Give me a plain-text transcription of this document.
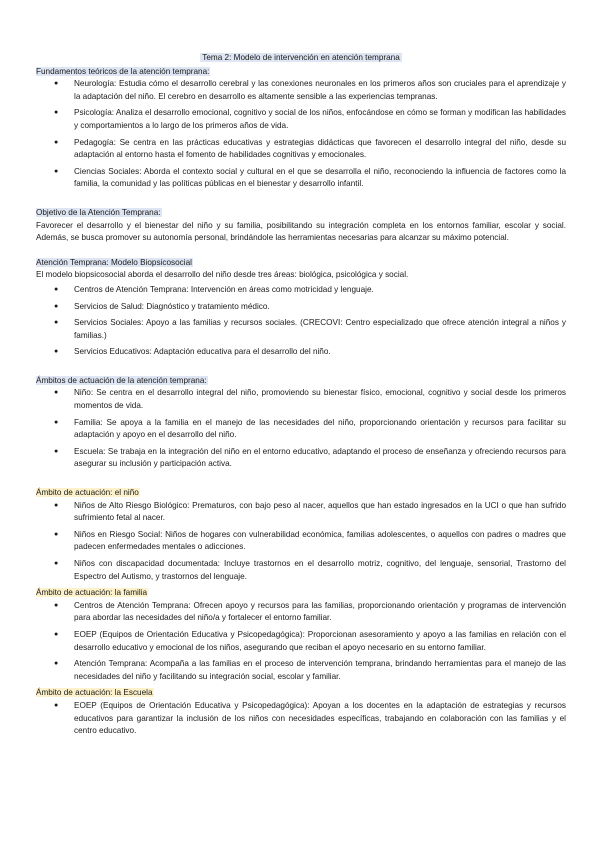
Tema 2: Modelo de intervención en atención temprana
Fundamentos teóricos de la atención temprana:
● Neurología: Estudia cómo el desarrollo cerebral y las conexiones neuronales en los primeros años son cruciales para el aprendizaje y la adaptación del niño. El cerebro en desarrollo es altamente sensible a las experiencias tempranas.
● Psicología: Analiza el desarrollo emocional, cognitivo y social de los niños, enfocándose en cómo se forman y modifican las habilidades y comportamientos a lo largo de los primeros años de vida.
● Pedagogía: Se centra en las prácticas educativas y estrategias didácticas que favorecen el desarrollo integral del niño, desde su adaptación al entorno hasta el fomento de habilidades cognitivas y emocionales.
● Ciencias Sociales: Aborda el contexto social y cultural en el que se desarrolla el niño, reconociendo la influencia de factores como la familia, la comunidad y las políticas públicas en el bienestar y desarrollo infantil.
Objetivo de la Atención Temprana:

Favorecer el desarrollo y el bienestar del niño y su familia, posibilitando su integración completa en los entornos familiar, escolar y social. Además, se busca promover su autonomía personal, brindándole las herramientas necesarias para alcanzar su máximo potencial.

Atención Temprana: Modelo Biopsicosocial

El modelo biopsicosocial aborda el desarrollo del niño desde tres áreas: biológica, psicológica y social.

● Centros de Atención Temprana: Intervención en áreas como motricidad y lenguaje.
● Servicios de Salud: Diagnóstico y tratamiento médico.
● Servicios Sociales: Apoyo a las familias y recursos sociales. (CRECOVI: Centro especializado que ofrece atención integral a niños y familias.)
● Servicios Educativos: Adaptación educativa para el desarrollo del niño.
Ámbitos de actuación de la atención temprana:
● Niño: Se centra en el desarrollo integral del niño, promoviendo su bienestar físico, emocional, cognitivo y social desde los primeros momentos de vida.
● Familia: Se apoya a la familia en el manejo de las necesidades del niño, proporcionando orientación y recursos para facilitar su adaptación y apoyo en el desarrollo del niño.
● Escuela: Se trabaja en la integración del niño en el entorno educativo, adaptando el proceso de enseñanza y ofreciendo recursos para asegurar su inclusión y participación activa.
Ámbito de actuación: el niño
● Niños de Alto Riesgo Biológico: Prematuros, con bajo peso al nacer, aquellos que han estado ingresados en la UCI o que han sufrido sufrimiento fetal al nacer.
● Niños en Riesgo Social: Niños de hogares con vulnerabilidad económica, familias adolescentes, o aquellos con padres o madres que padecen enfermedades mentales o adicciones.
● Niños con discapacidad documentada: Incluye trastornos en el desarrollo motriz, cognitivo, del lenguaje, sensorial, Trastorno del Espectro del Autismo, y trastornos del lenguaje.
Ámbito de actuación: la familia
● Centros de Atención Temprana: Ofrecen apoyo y recursos para las familias, proporcionando orientación y programas de intervención para abordar las necesidades del niño/a y fortalecer el entorno familiar.
● EOEP (Equipos de Orientación Educativa y Psicopedagógica): Proporcionan asesoramiento y apoyo a las familias en relación con el desarrollo educativo y emocional de los niños, asegurando que reciban el apoyo necesario en su entorno familiar.
● Atención Temprana: Acompaña a las familias en el proceso de intervención temprana, brindando herramientas para el manejo de las necesidades del niño y facilitando su integración social, escolar y familiar.
Ámbito de actuación: la Escuela
● EOEP (Equipos de Orientación Educativa y Psicopedagógica): Apoyan a los docentes en la adaptación de estrategias y recursos educativos para garantizar la inclusión de los niños con necesidades específicas, trabajando en colaboración con las familias y el centro educativo.
